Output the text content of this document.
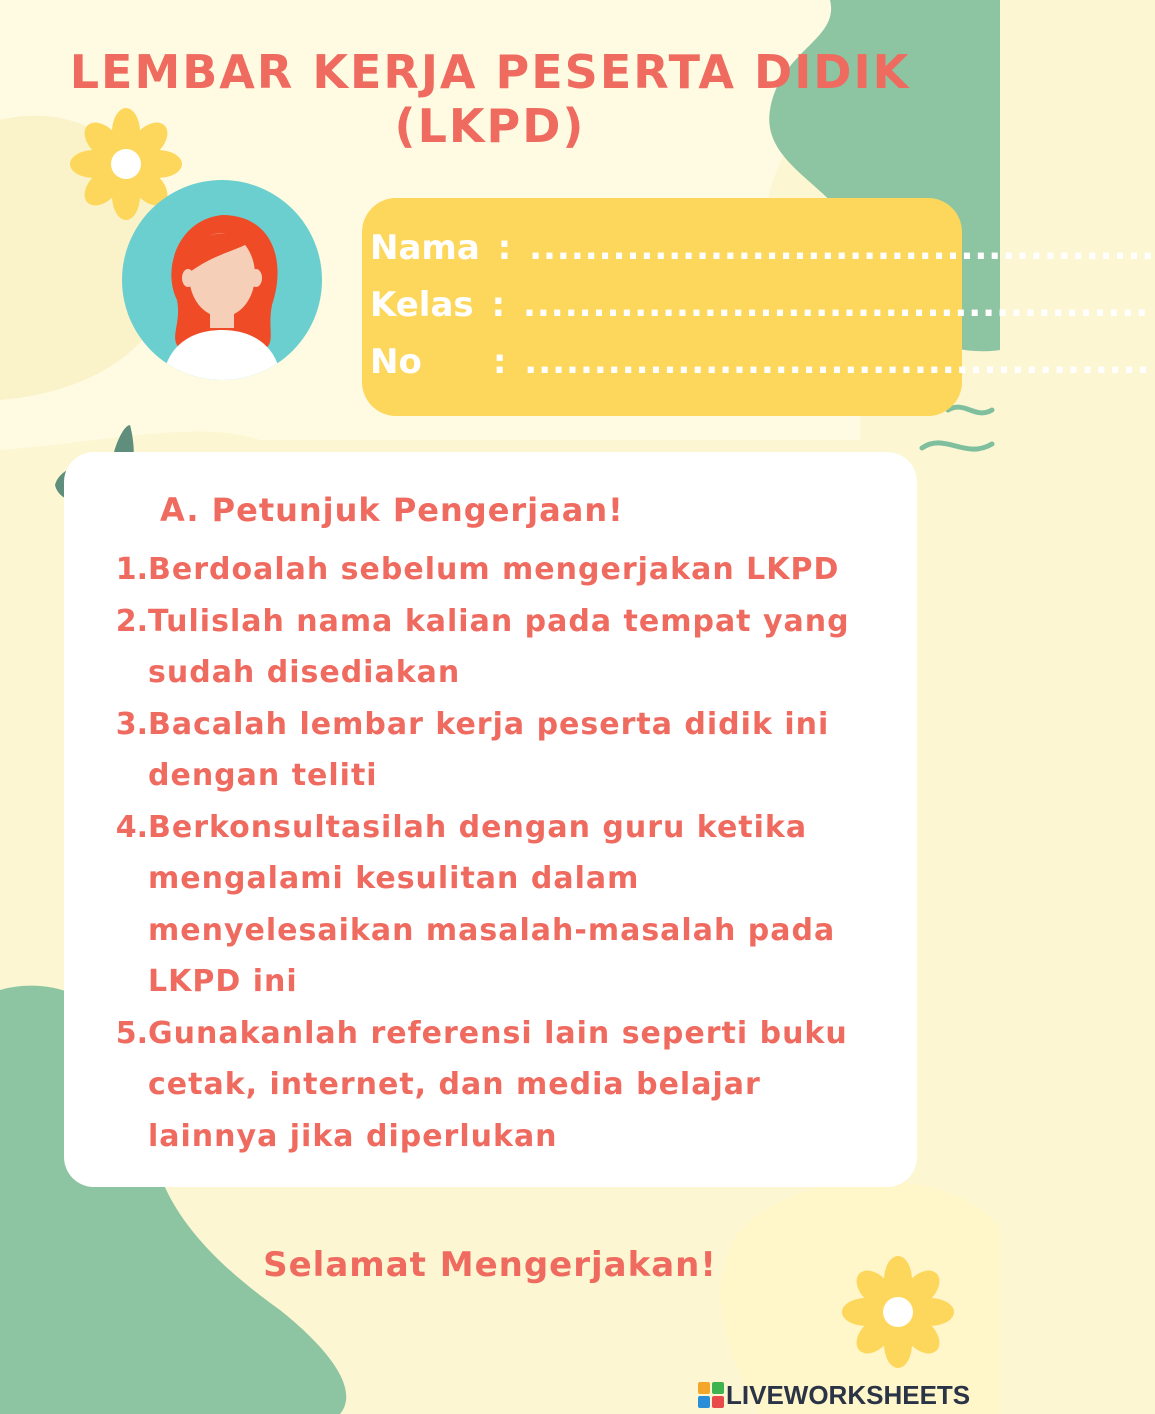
LEMBAR KERJA PESERTA DIDIK
(LKPD)
Nama : .............................................
Kelas : .............................................
No : .............................................
A. Petunjuk Pengerjaan!
1. Berdoalah sebelum mengerjakan LKPD
2. Tulislah nama kalian pada tempat yang sudah disediakan
3. Bacalah lembar kerja peserta didik ini dengan teliti
4. Berkonsultasilah dengan guru ketika mengalami kesulitan dalam menyelesaikan masalah-masalah pada LKPD ini
5. Gunakanlah referensi lain seperti buku cetak, internet, dan media belajar lainnya jika diperlukan

Selamat Mengerjakan!

LIVEWORKSHEETS
